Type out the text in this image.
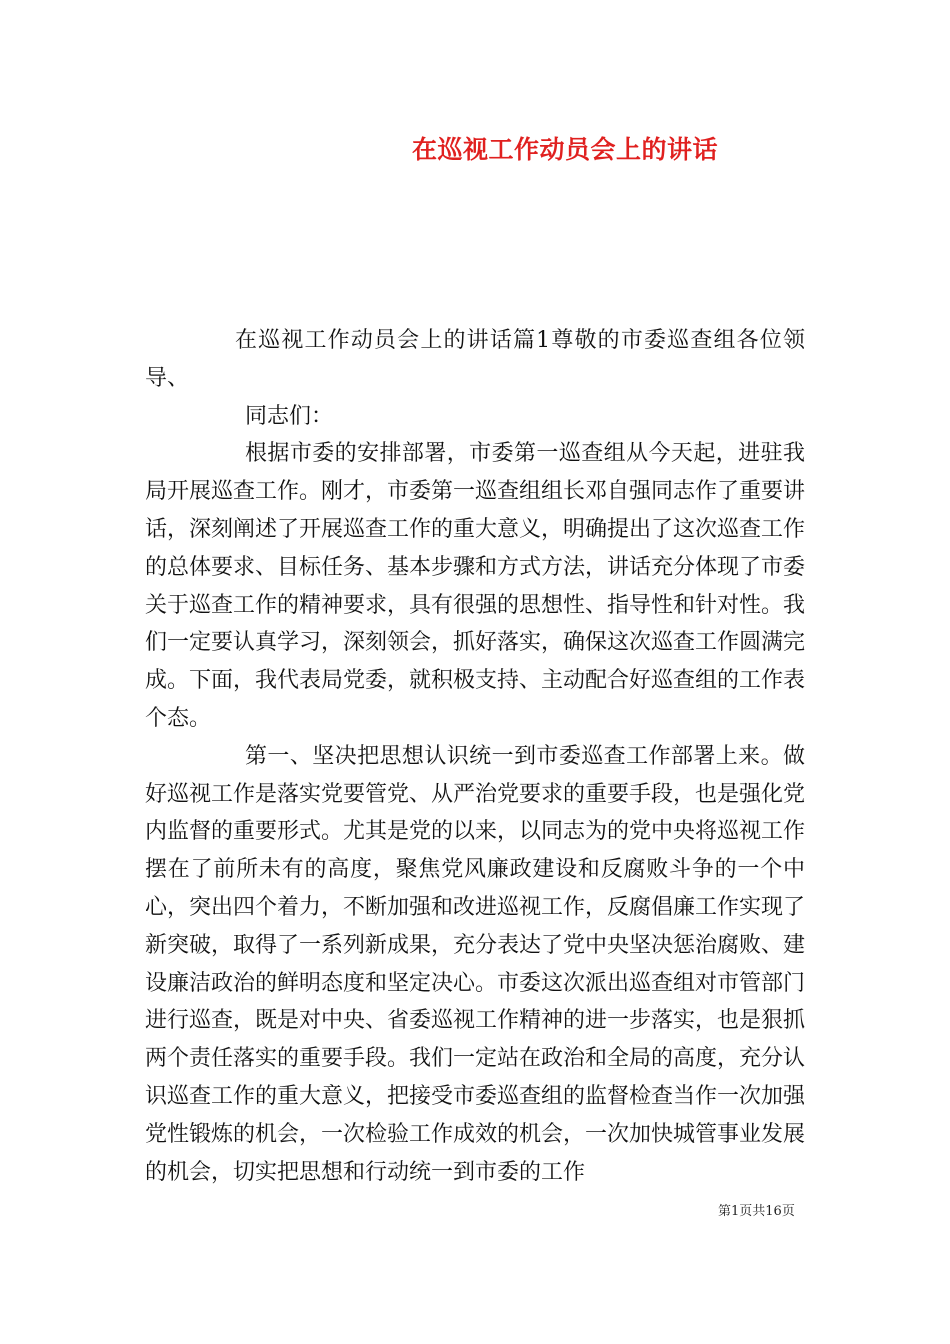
在巡视工作动员会上的讲话

在巡视工作动员会上的讲话篇1尊敬的市委巡查组各位领导、

同志们：

根据市委的安排部署，市委第一巡查组从今天起，进驻我局开展巡查工作。刚才，市委第一巡查组组长邓自强同志作了重要讲话，深刻阐述了开展巡查工作的重大意义，明确提出了这次巡查工作的总体要求、目标任务、基本步骤和方式方法，讲话充分体现了市委关于巡查工作的精神要求，具有很强的思想性、指导性和针对性。我们一定要认真学习，深刻领会，抓好落实，确保这次巡查工作圆满完成。下面，我代表局党委，就积极支持、主动配合好巡查组的工作表个态。

第一、坚决把思想认识统一到市委巡查工作部署上来。做好巡视工作是落实党要管党、从严治党要求的重要手段，也是强化党内监督的重要形式。尤其是党的以来，以同志为的党中央将巡视工作摆在了前所未有的高度，聚焦党风廉政建设和反腐败斗争的一个中心，突出四个着力，不断加强和改进巡视工作，反腐倡廉工作实现了新突破，取得了一系列新成果，充分表达了党中央坚决惩治腐败、建设廉洁政治的鲜明态度和坚定决心。市委这次派出巡查组对市管部门进行巡查，既是对中央、省委巡视工作精神的进一步落实，也是狠抓两个责任落实的重要手段。我们一定站在政治和全局的高度，充分认识巡查工作的重大意义，把接受市委巡查组的监督检查当作一次加强党性锻炼的机会，一次检验工作成效的机会，一次加快城管事业发展的机会，切实把思想和行动统一到市委的工作

第1页共16页
